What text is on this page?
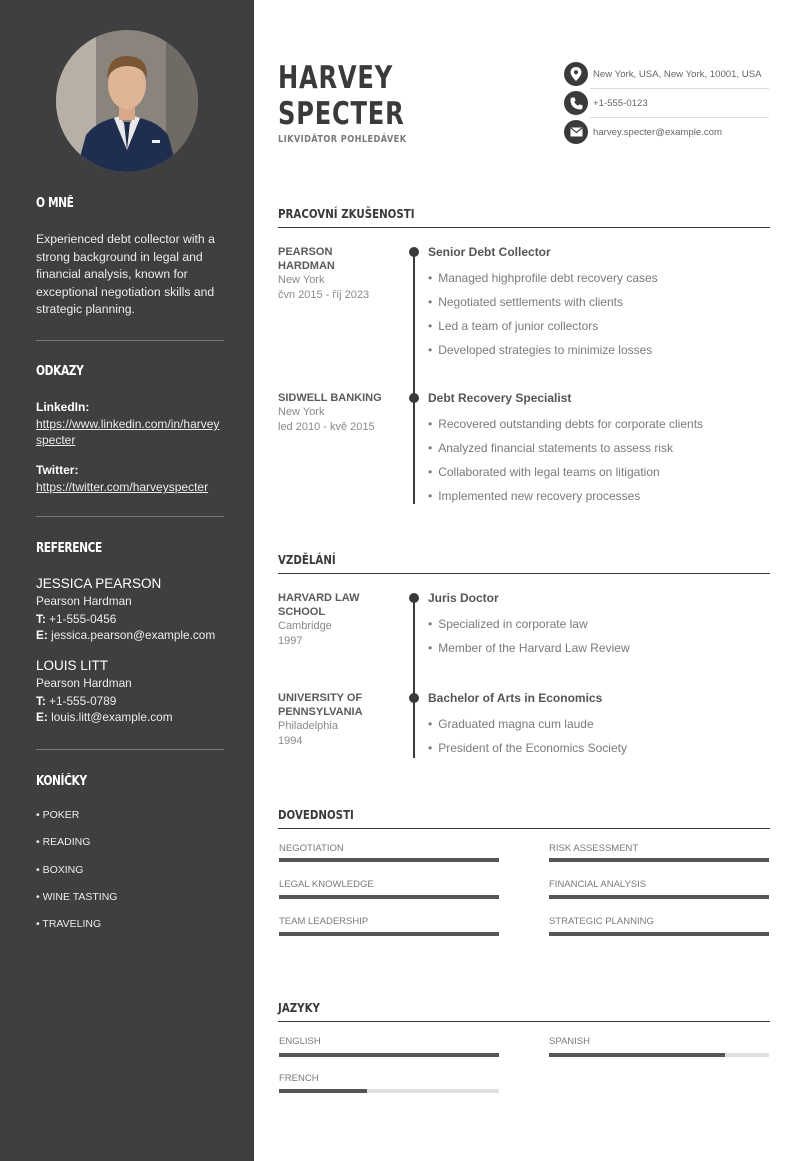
O MNĚ
Experienced debt collector with a strong background in legal and financial analysis, known for exceptional negotiation skills and strategic planning.
ODKAZY
LinkedIn:
https://www.linkedin.com/in/harveyspecter
Twitter:
https://twitter.com/harveyspecter
REFERENCE
JESSICA PEARSON
Pearson Hardman
T: +1-555-0456
E: jessica.pearson@example.com
LOUIS LITT
Pearson Hardman
T: +1-555-0789
E: louis.litt@example.com
KONÍČKY
• POKER
• READING
• BOXING
• WINE TASTING
• TRAVELING
HARVEY
SPECTER
LIKVIDÁTOR POHLEDÁVEK
New York, USA, New York, 10001, USA
+1-555-0123
harvey.specter@example.com
PRACOVNÍ ZKUŠENOSTI
PEARSON
HARDMAN
New York
čvn 2015 - říj 2023
Senior Debt Collector
• Managed highprofile debt recovery cases
• Negotiated settlements with clients
• Led a team of junior collectors
• Developed strategies to minimize losses
SIDWELL BANKING
New York
led 2010 - kvě 2015
Debt Recovery Specialist
• Recovered outstanding debts for corporate clients
• Analyzed financial statements to assess risk
• Collaborated with legal teams on litigation
• Implemented new recovery processes
VZDĚLÁNÍ
HARVARD LAW
SCHOOL
Cambridge
1997
Juris Doctor
• Specialized in corporate law
• Member of the Harvard Law Review
UNIVERSITY OF
PENNSYLVANIA
Philadelphia
1994
Bachelor of Arts in Economics
• Graduated magna cum laude
• President of the Economics Society
DOVEDNOSTI
NEGOTIATION	RISK ASSESSMENT
LEGAL KNOWLEDGE	FINANCIAL ANALYSIS
TEAM LEADERSHIP	STRATEGIC PLANNING
JAZYKY
ENGLISH	SPANISH
FRENCH
